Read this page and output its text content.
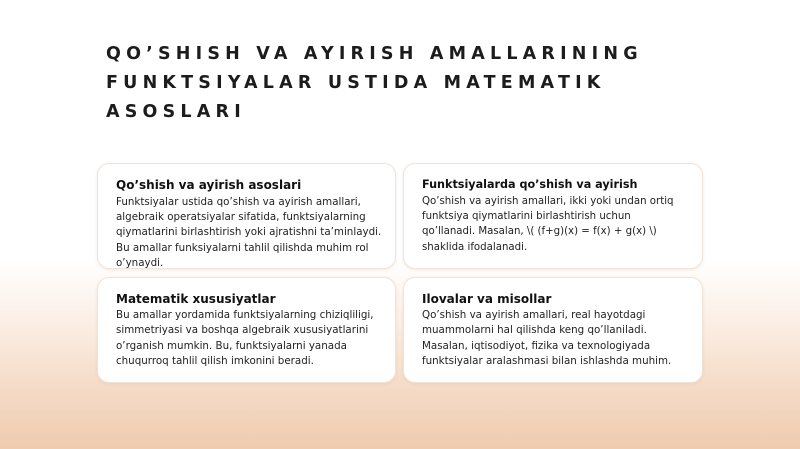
QO’SHISH VA AYIRISH AMALLARINING FUNKTSIYALAR USTIDA MATEMATIK ASOSLARI
Qo’shish va ayirish asoslari

Funktsiyalar ustida qo’shish va ayirish amallari, algebraik operatsiyalar sifatida, funktsiyalarning qiymatlarini birlashtirish yoki ajratishni ta’minlaydi. Bu amallar funksiyalarni tahlil qilishda muhim rol o’ynaydi.

Funktsiyalarda qo’shish va ayirish

Qo’shish va ayirish amallari, ikki yoki undan ortiq funktsiya qiymatlarini birlashtirish uchun qo’llanadi. Masalan, \( (f+g)(x) = f(x) + g(x) \) shaklida ifodalanadi.

Matematik xususiyatlar

Bu amallar yordamida funktsiyalarning chiziqliligi, simmetriyasi va boshqa algebraik xususiyatlarini o’rganish mumkin. Bu, funktsiyalarni yanada chuqurroq tahlil qilish imkonini beradi.

Ilovalar va misollar

Qo’shish va ayirish amallari, real hayotdagi muammolarni hal qilishda keng qo’llaniladi. Masalan, iqtisodiyot, fizika va texnologiyada funktsiyalar aralashmasi bilan ishlashda muhim.
